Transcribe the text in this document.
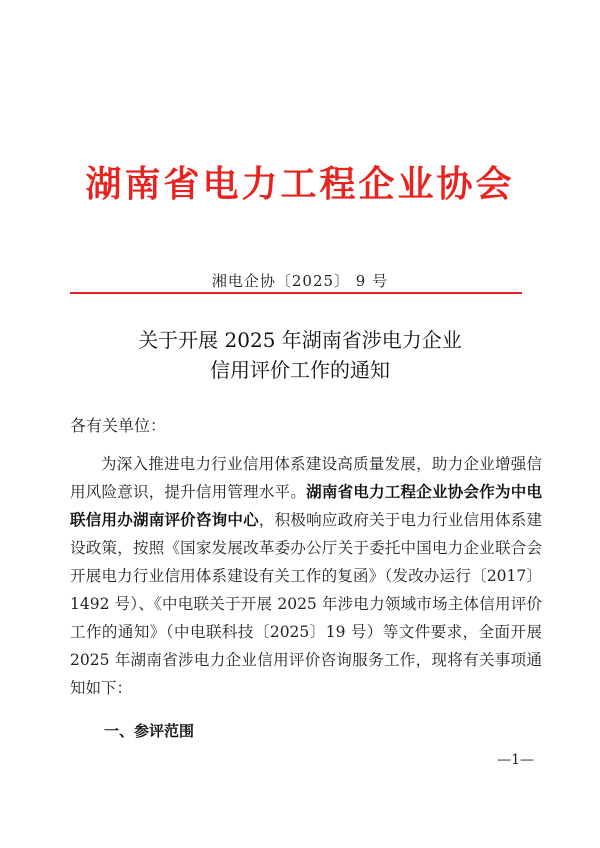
湖南省电力工程企业协会
湘电企协〔2025〕 9 号
关于开展 2025 年湖南省涉电力企业
信用评价工作的通知
各有关单位：
为深入推进电力行业信用体系建设高质量发展，助力企业增强信用风险意识，提升信用管理水平。湖南省电力工程企业协会作为中电联信用办湖南评价咨询中心，积极响应政府关于电力行业信用体系建设政策，按照《国家发展改革委办公厅关于委托中国电力企业联合会开展电力行业信用体系建设有关工作的复函》（发改办运行〔2017〕1492 号）、《中电联关于开展 2025 年涉电力领域市场主体信用评价工作的通知》（中电联科技〔2025〕19 号）等文件要求，全面开展 2025 年湖南省涉电力企业信用评价咨询服务工作，现将有关事项通知如下：
一、参评范围
—1—
